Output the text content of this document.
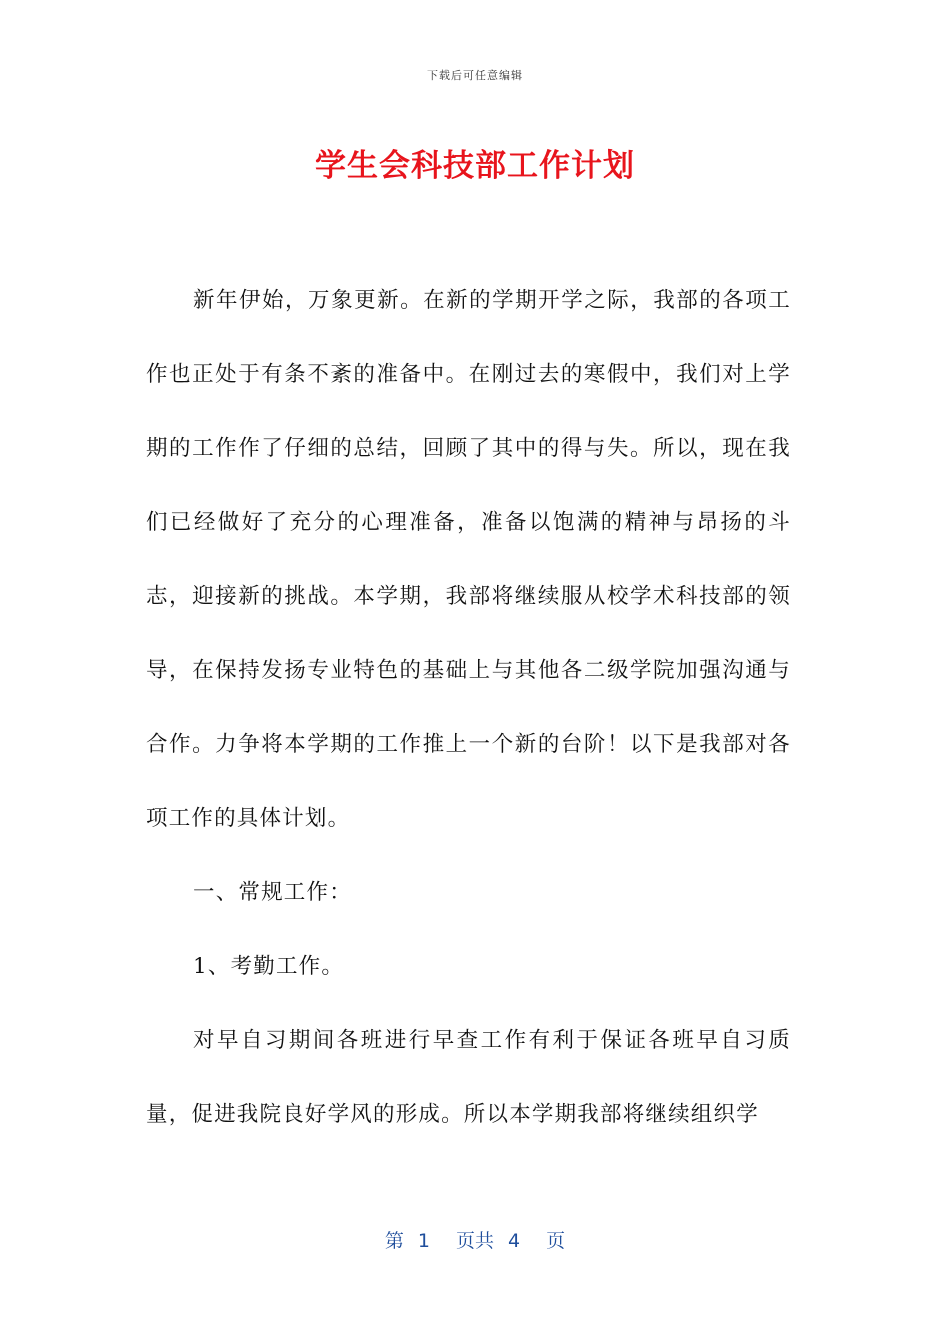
下载后可任意编辑
学生会科技部工作计划

新年伊始，万象更新。在新的学期开学之际，我部的各项工作也正处于有条不紊的准备中。在刚过去的寒假中，我们对上学期的工作作了仔细的总结，回顾了其中的得与失。所以，现在我们已经做好了充分的心理准备，准备以饱满的精神与昂扬的斗志，迎接新的挑战。本学期，我部将继续服从校学术科技部的领导，在保持发扬专业特色的基础上与其他各二级学院加强沟通与合作。力争将本学期的工作推上一个新的台阶！以下是我部对各项工作的具体计划。

一、常规工作：

1、考勤工作。

对早自习期间各班进行早查工作有利于保证各班早自习质量，促进我院良好学风的形成。所以本学期我部将继续组织学

第 1 页共 4 页
